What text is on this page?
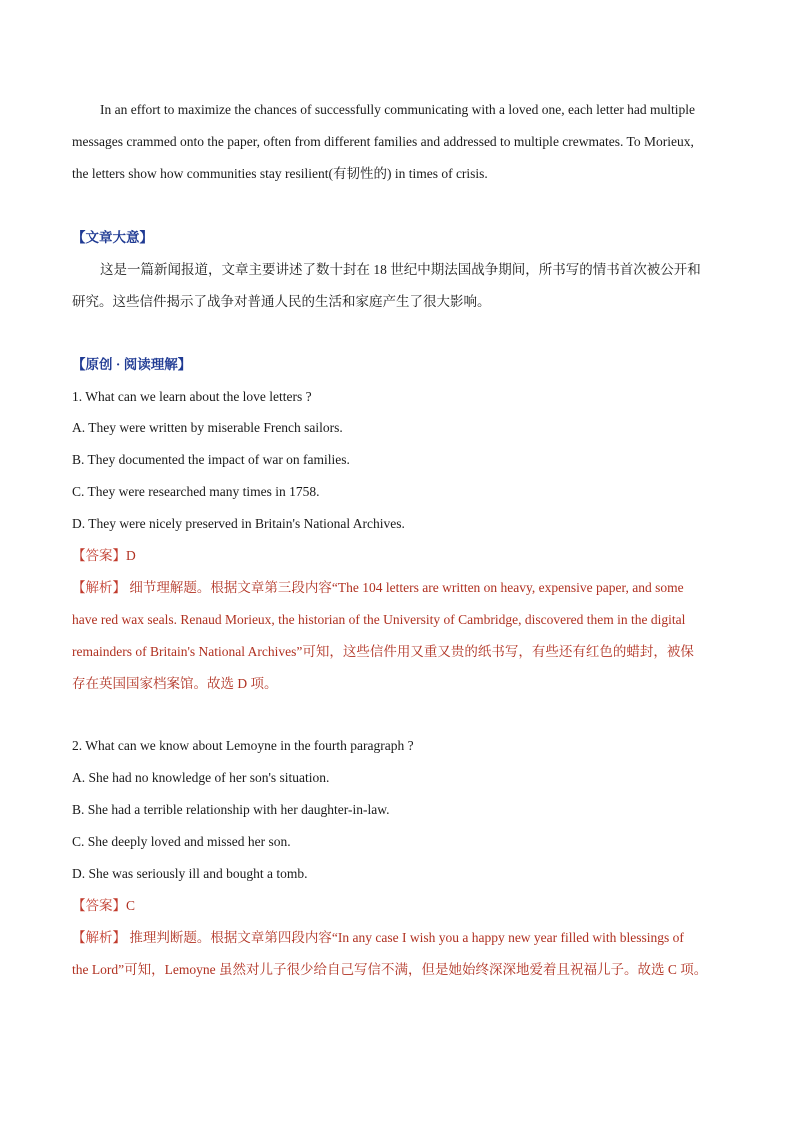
In an effort to maximize the chances of successfully communicating with a loved one, each letter had multiple
messages crammed onto the paper, often from different families and addressed to multiple crewmates. To Morieux,
the letters show how communities stay resilient(有韧性的) in times of crisis.
【文章大意】
这是一篇新闻报道，文章主要讲述了数十封在 18 世纪中期法国战争期间，所书写的情书首次被公开和
研究。这些信件揭示了战争对普通人民的生活和家庭产生了很大影响。
【原创 · 阅读理解】
1. What can we learn about the love letters ?
A. They were written by miserable French sailors.
B. They documented the impact of war on families.
C. They were researched many times in 1758.
D. They were nicely preserved in Britain's National Archives.
【答案】D
【解析】 细节理解题。根据文章第三段内容“The 104 letters are written on heavy, expensive paper, and some
have red wax seals. Renaud Morieux, the historian of the University of Cambridge, discovered them in the digital
remainders of Britain's National Archives”可知，这些信件用又重又贵的纸书写，有些还有红色的蜡封，被保
存在英国国家档案馆。故选 D 项。
2. What can we know about Lemoyne in the fourth paragraph ?
A. She had no knowledge of her son's situation.
B. She had a terrible relationship with her daughter-in-law.
C. She deeply loved and missed her son.
D. She was seriously ill and bought a tomb.
【答案】C
【解析】 推理判断题。根据文章第四段内容“In any case I wish you a happy new year filled with blessings of
the Lord”可知，Lemoyne 虽然对儿子很少给自己写信不满，但是她始终深深地爱着且祝福儿子。故选 C 项。
